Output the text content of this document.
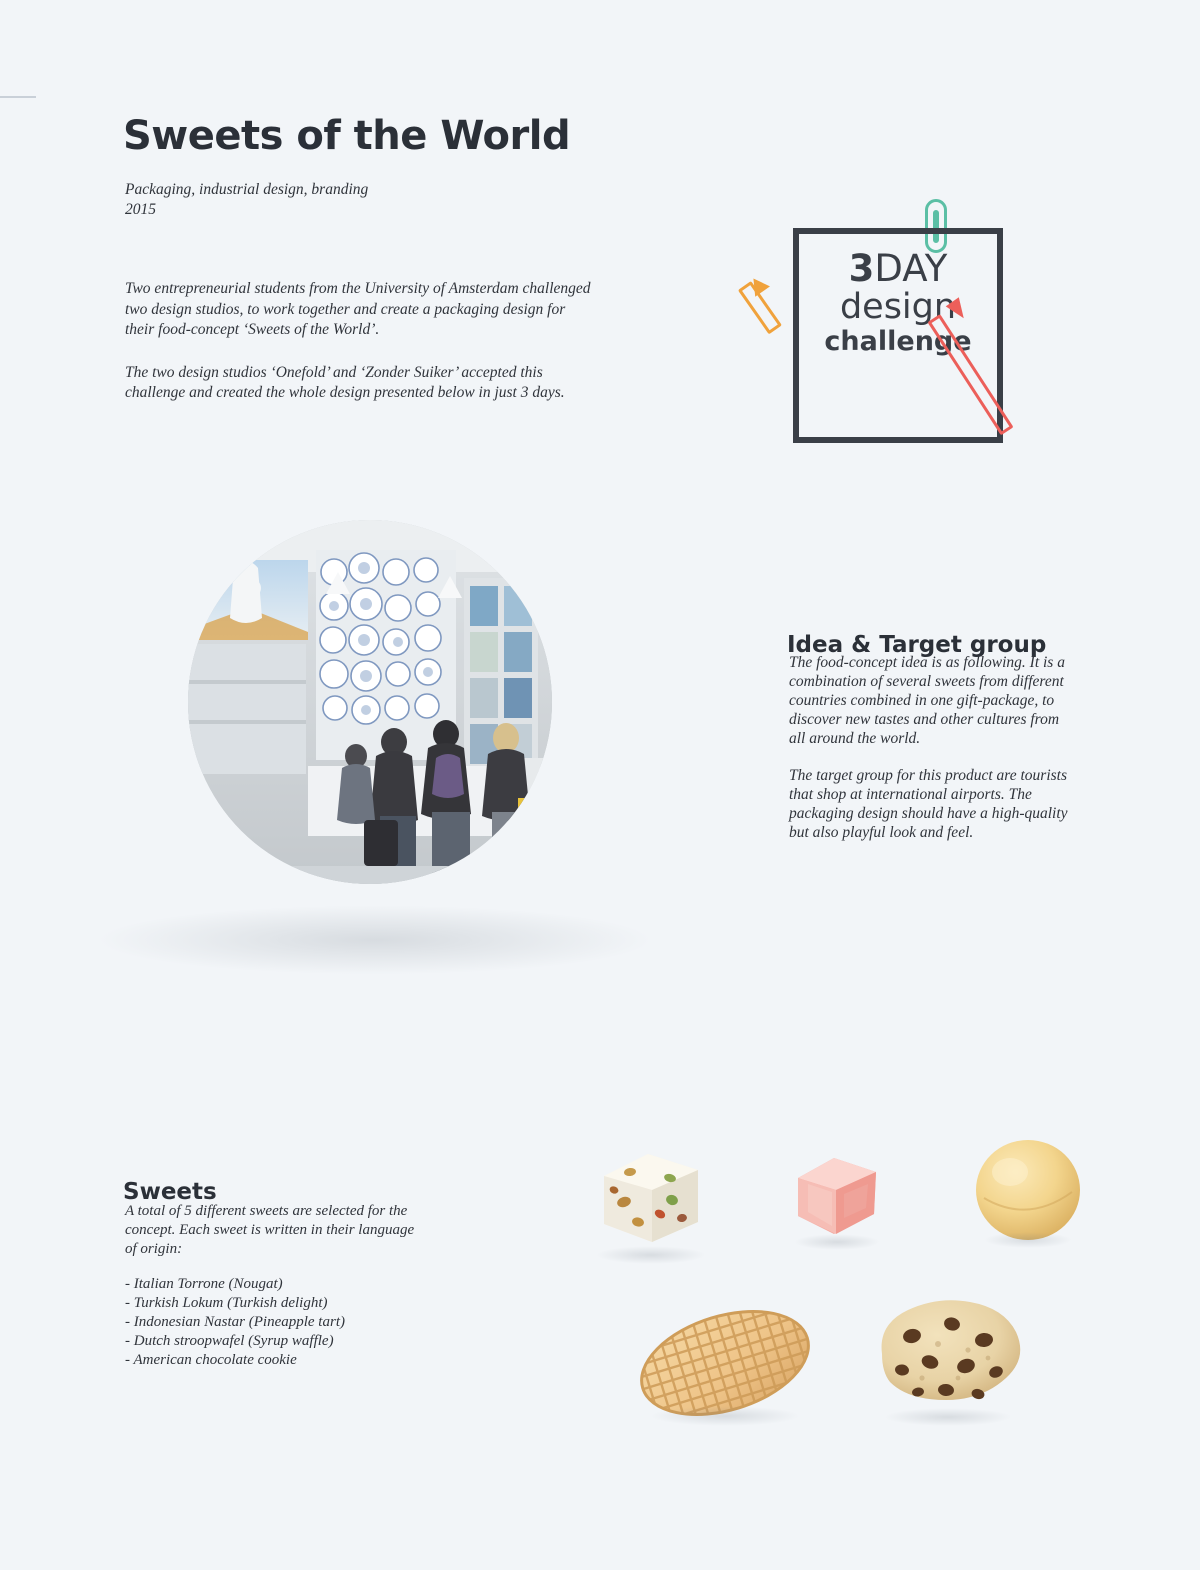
Sweets of the World
Packaging, industrial design, branding
2015

Two entrepreneurial students from the University of Amsterdam challenged two design studios, to work together and create a packaging design for their food-concept ‘Sweets of the World’.

The two design studios ‘Onefold’ and ‘Zonder Suiker’ accepted this challenge and created the whole design presented below in just 3 days.

3DAY
design
challenge
Idea & Target group

The food-concept idea is as following. It is a combination of several sweets from different countries combined in one gift-package, to discover new tastes and other cultures from all around the world.

The target group for this product are tourists that shop at international airports. The packaging design should have a high-quality but also playful look and feel.

Sweets

A total of 5 different sweets are selected for the concept. Each sweet is written in their language of origin:

- Italian Torrone (Nougat)
- Turkish Lokum (Turkish delight)
- Indonesian Nastar (Pineapple tart)
- Dutch stroopwafel (Syrup waffle)
- American chocolate cookie
